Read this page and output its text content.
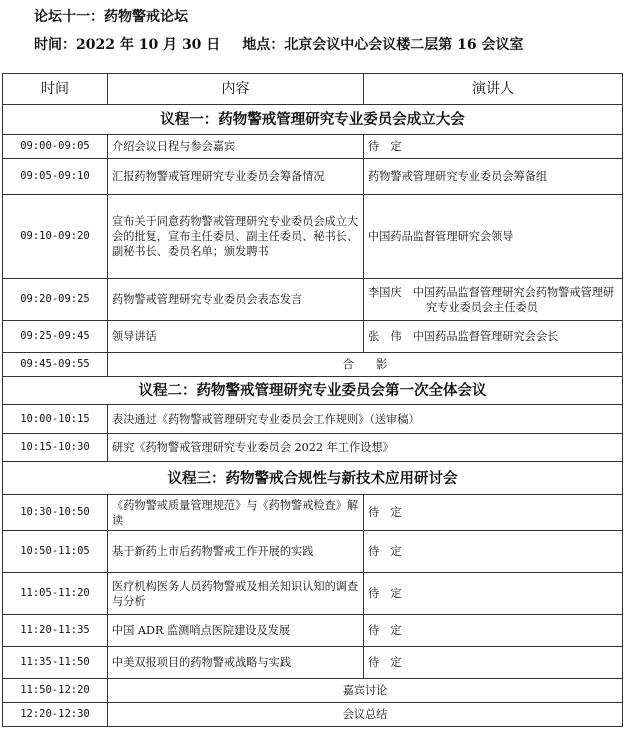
论坛十一：药物警戒论坛
时间：2022 年 10 月 30 日 地点：北京会议中心会议楼二层第 16 会议室
时间	内容	演讲人
议程一：药物警戒管理研究专业委员会成立大会		
09:00-09:05	介绍会议日程与参会嘉宾	待　定
09:05-09:10	汇报药物警戒管理研究专业委员会筹备情况	药物警戒管理研究专业委员会筹备组
09:10-09:20	宣布关于同意药物警戒管理研究专业委员会成立大会的批复，宣布主任委员、副主任委员、秘书长、副秘书长、委员名单；颁发聘书	中国药品监督管理研究会领导
09:20-09:25	药物警戒管理研究专业委员会表态发言	李国庆　中国药品监督管理研究会药物警戒管理研究专业委员会主任委员

09:25-09:45	领导讲话	张　伟　中国药品监督管理研究会会长
09:45-09:55	合　　影	
议程二：药物警戒管理研究专业委员会第一次全体会议		
10:00-10:15	表决通过《药物警戒管理研究专业委员会工作规则》（送审稿）	
10:15-10:30	研究《药物警戒管理研究专业委员会 2022 年工作设想》	
议程三：药物警戒合规性与新技术应用研讨会		
10:30-10:50	《药物警戒质量管理规范》与《药物警戒检查》解读	待　定
10:50-11:05	基于新药上市后药物警戒工作开展的实践	待　定
11:05-11:20	医疗机构医务人员药物警戒及相关知识认知的调查与分析	待　定
11:20-11:35	中国 ADR 监测哨点医院建设及发展	待　定
11:35-11:50	中美双报项目的药物警戒战略与实践	待　定
11:50-12:20	嘉宾讨论	
12:20-12:30	会议总结	
